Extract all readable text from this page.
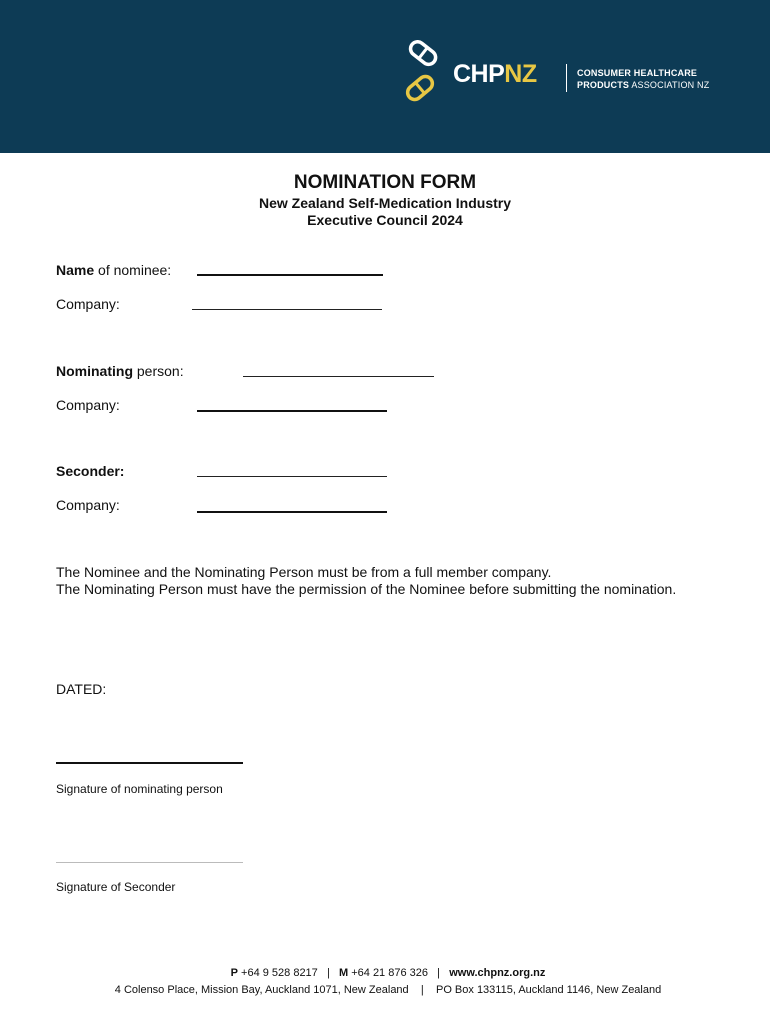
CHPNZ	CONSUMER HEALTHCARE
PRODUCTS ASSOCIATION NZ
NOMINATION FORM
New Zealand Self-Medication Industry
Executive Council 2024
Name of nominee:
Company:
Nominating person:
Company:
Seconder:
Company:

The Nominee and the Nominating Person must be from a full member company.

The Nominating Person must have the permission of the Nominee before submitting the nomination.

DATED:
Signature of nominating person
Signature of Seconder
P +64 9 528 8217   |   M +64 21 876 326   |   www.chpnz.org.nz
4 Colenso Place, Mission Bay, Auckland 1071, New Zealand    |    PO Box 133115, Auckland 1146, New Zealand
